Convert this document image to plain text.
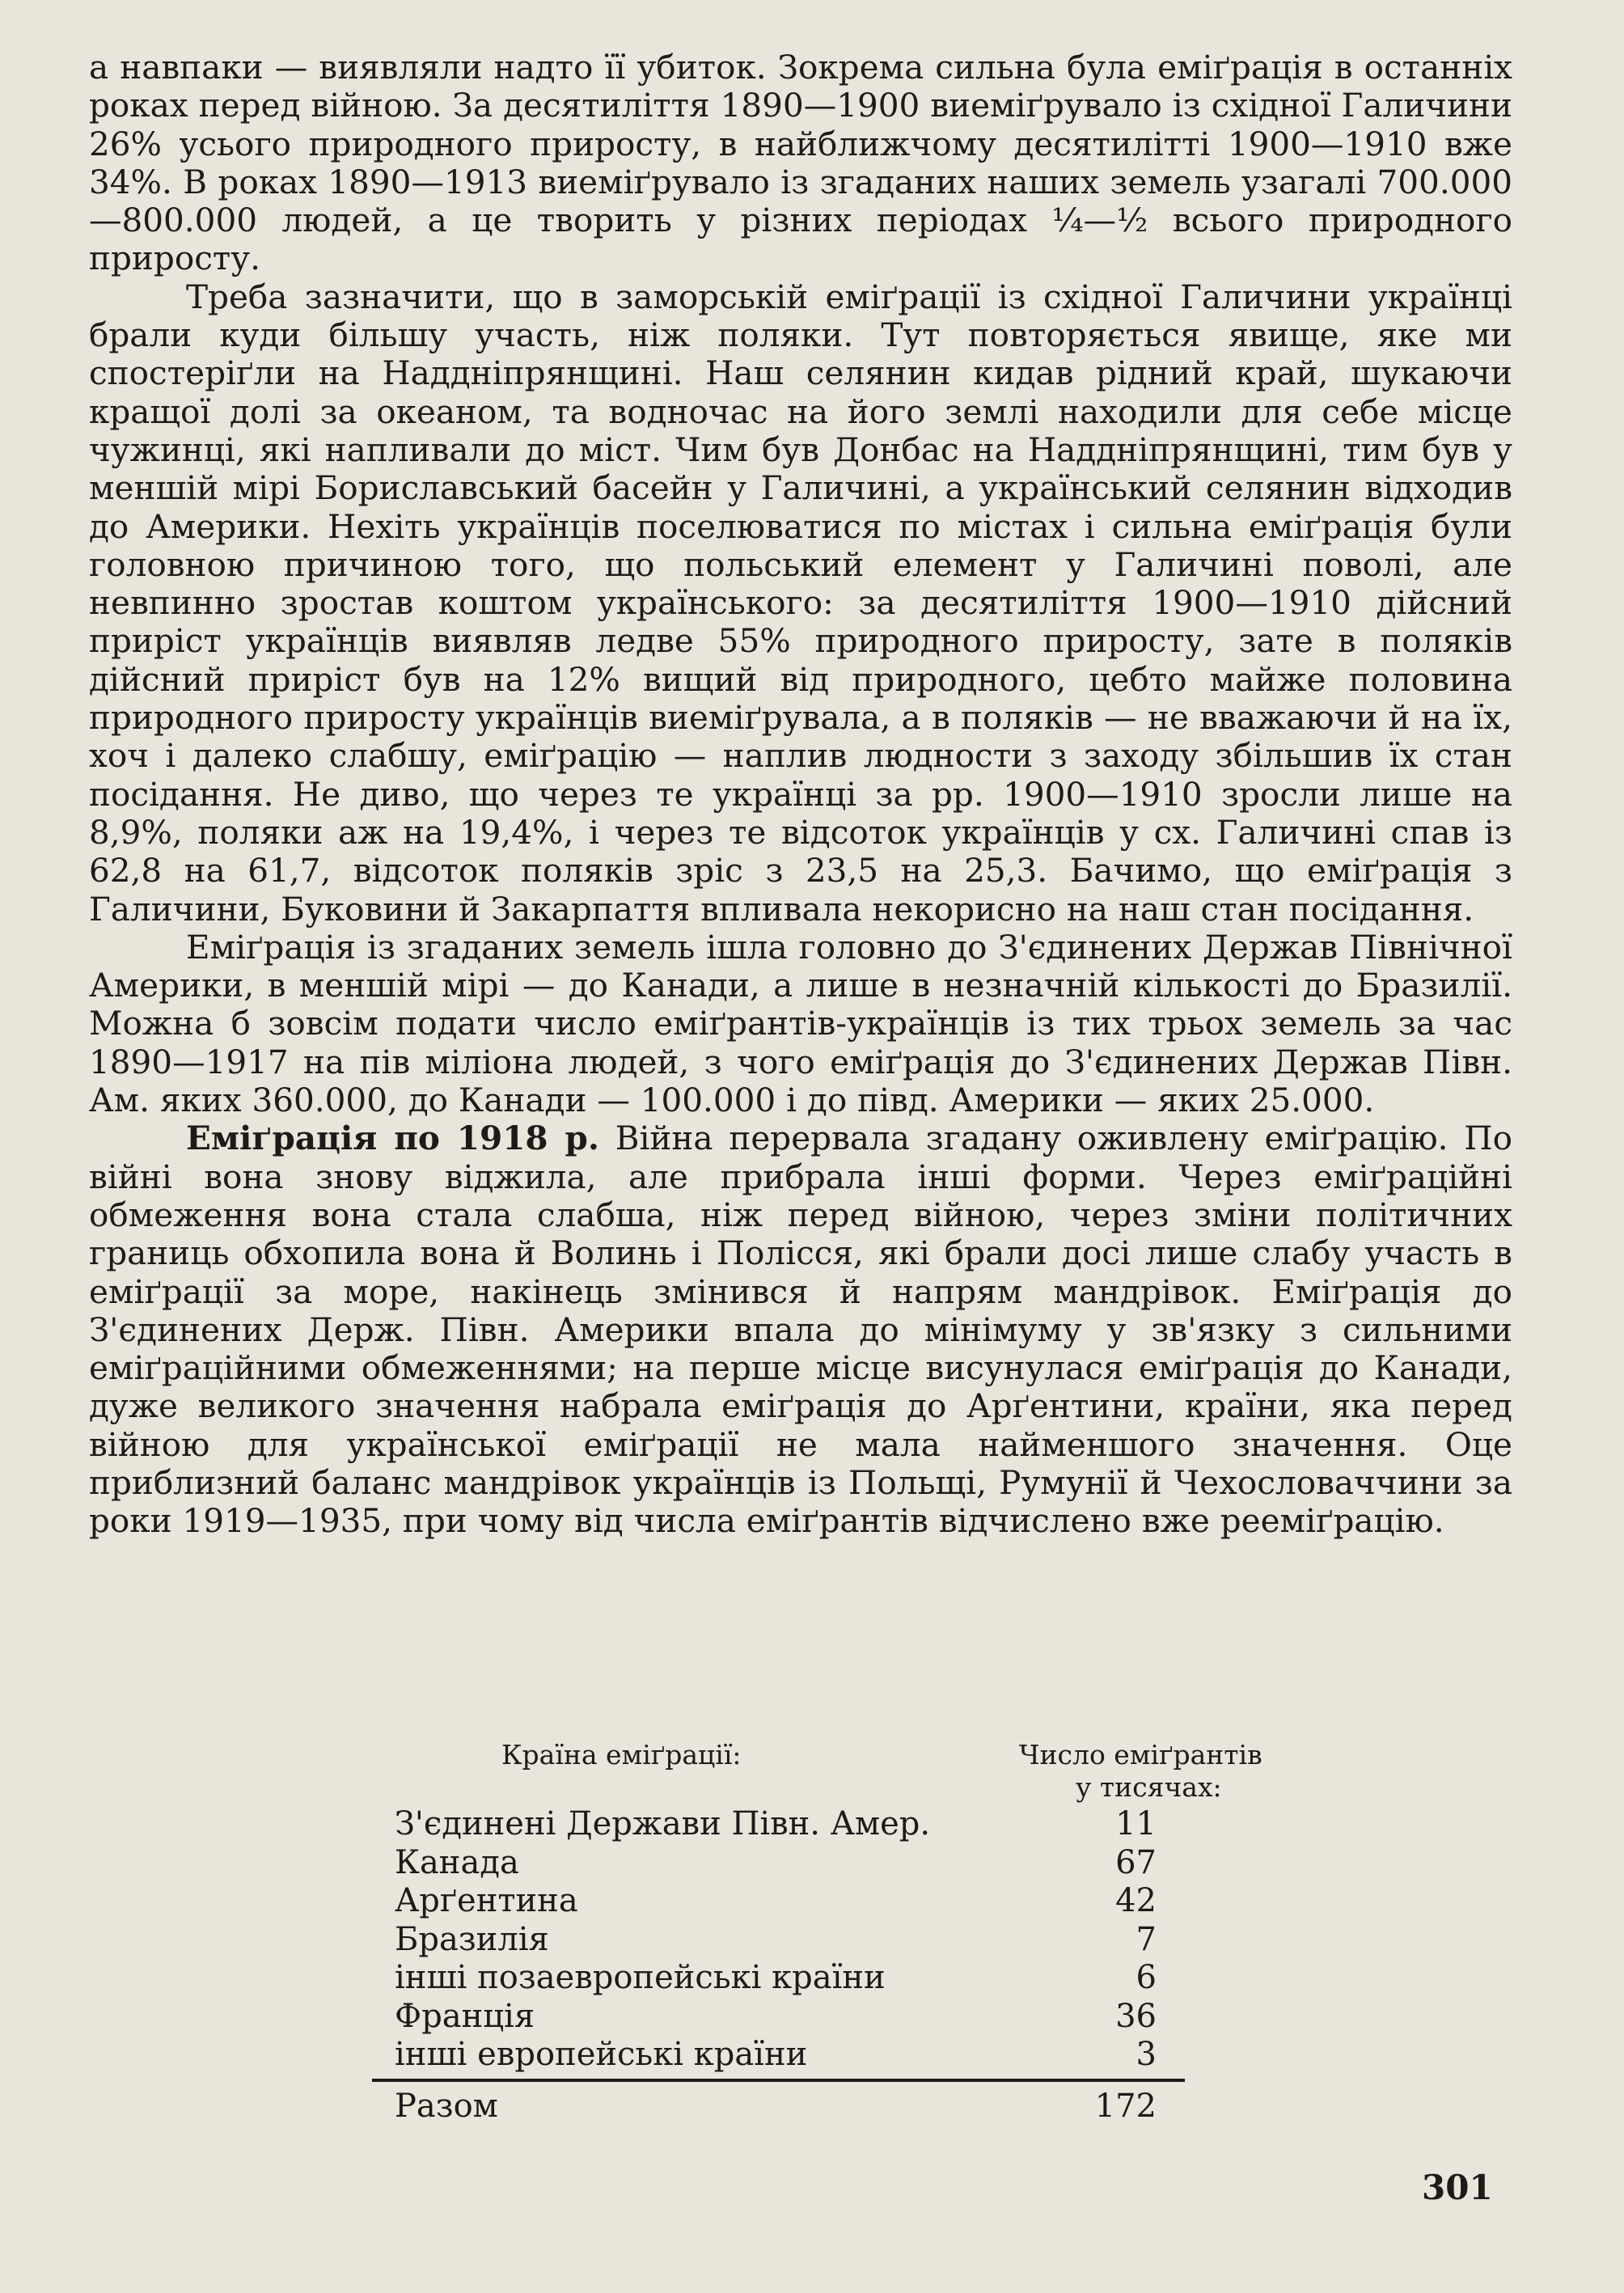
а навпаки — виявляли надто її убиток. Зокрема сильна була еміґрація в останніх роках перед війною. За десятиліття 1890—1900 виеміґрувало із східної Галичини 26% усього природного приросту, в найближчому десятилітті 1900—1910 вже 34%. В роках 1890—1913 виеміґрувало із згаданих наших земель узагалі 700.000—800.000 людей, а це творить у різних періодах ¼—½ всього природного приросту.

Треба зазначити, що в заморській еміґрації із східної Галичини українці брали куди більшу участь, ніж поляки. Тут повторяється явище, яке ми спостеріґли на Наддніпрянщині. Наш селянин кидав рідний край, шукаючи кращої долі за океаном, та водночас на його землі находили для себе місце чужинці, які напливали до міст. Чим був Донбас на Наддніпрянщині, тим був у меншій мірі Бориславський басейн у Галичині, а український селянин відходив до Америки. Нехіть українців поселюватися по містах і сильна еміґрація були головною причиною того, що польський елемент у Галичині поволі, але невпинно зростав коштом українського: за десятиліття 1900—1910 дійсний приріст українців виявляв ледве 55% природного приросту, зате в поляків дійсний приріст був на 12% вищий від природного, цебто майже половина природного приросту українців виеміґрувала, а в поляків — не вважаючи й на їх, хоч і далеко слабшу, еміґрацію — наплив людности з заходу збільшив їх стан посідання. Не диво, що через те українці за рр. 1900—1910 зросли лише на 8,9%, поляки аж на 19,4%, і через те відсоток українців у сх. Галичині спав із 62,8 на 61,7, відсоток поляків зріс з 23,5 на 25,3. Бачимо, що еміґрація з Галичини, Буковини й Закарпаття впливала некорисно на наш стан посідання.

Еміґрація із згаданих земель ішла головно до З'єдинених Держав Північної Америки, в меншій мірі — до Канади, а лише в незначній кількості до Бразилії. Можна б зовсім подати число еміґрантів-українців із тих трьох земель за час 1890—1917 на пів міліона людей, з чого еміґрація до З'єдинених Держав Півн. Ам. яких 360.000, до Канади — 100.000 і до півд. Америки — яких 25.000.

Еміґрація по 1918 р. Війна перервала згадану оживлену еміґрацію. По війні вона знову віджила, але прибрала інші форми. Через еміґраційні обмеження вона стала слабша, ніж перед війною, через зміни політичних границь обхопила вона й Волинь і Полісся, які брали досі лише слабу участь в еміґрації за море, накінець змінився й напрям мандрівок. Еміґрація до З'єдинених Держ. Півн. Америки впала до мінімуму у зв'язку з сильними еміґраційними обмеженнями; на перше місце висунулася еміґрація до Канади, дуже великого значення набрала еміґрація до Арґентини, країни, яка перед війною для української еміґрації не мала найменшого значення. Оце приблизний баланс мандрівок українців із Польщі, Румунії й Чехословаччини за роки 1919—1935, при чому від числа еміґрантів відчислено вже рееміґрацію.

Країна еміґрації:	Число еміґрантів
у тисячах:
З'єдинені Держави Півн. Амер.	11
Канада	67
Арґентина	42
Бразилія	7
інші позаевропейські країни	6
Франція	36
інші европейські країни	3
Разом	172
301
